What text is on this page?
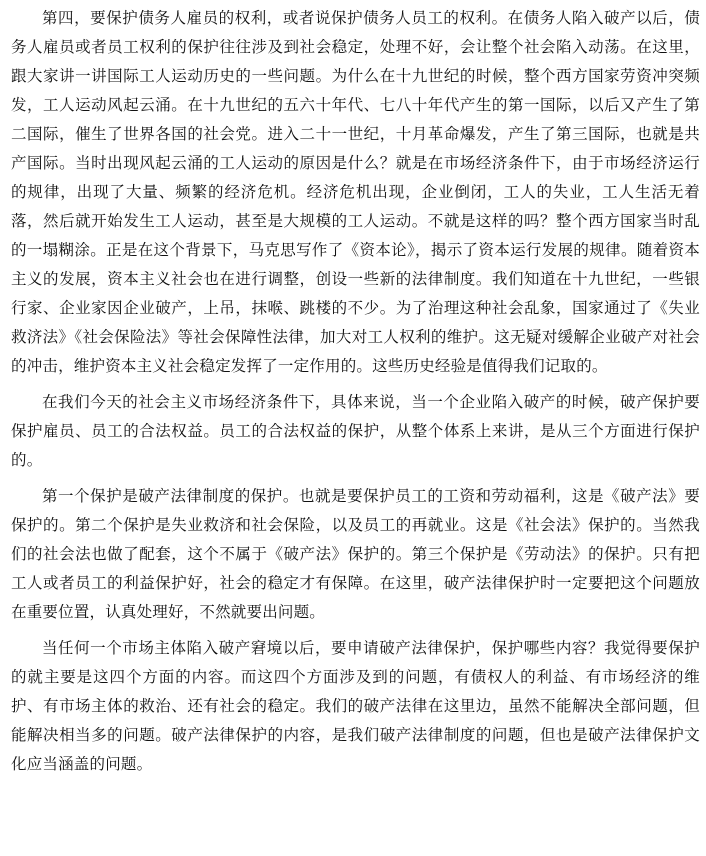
第四，要保护债务人雇员的权利，或者说保护债务人员工的权利。在债务人陷入破产以后，债务人雇员或者员工权利的保护往往涉及到社会稳定，处理不好，会让整个社会陷入动荡。在这里，跟大家讲一讲国际工人运动历史的一些问题。为什么在十九世纪的时候，整个西方国家劳资冲突频发，工人运动风起云涌。在十九世纪的五六十年代、七八十年代产生的第一国际，以后又产生了第二国际，催生了世界各国的社会党。进入二十一世纪，十月革命爆发，产生了第三国际，也就是共产国际。当时出现风起云涌的工人运动的原因是什么？就是在市场经济条件下，由于市场经济运行的规律，出现了大量、频繁的经济危机。经济危机出现，企业倒闭，工人的失业，工人生活无着落，然后就开始发生工人运动，甚至是大规模的工人运动。不就是这样的吗？整个西方国家当时乱的一塌糊涂。正是在这个背景下，马克思写作了《资本论》，揭示了资本运行发展的规律。随着资本主义的发展，资本主义社会也在进行调整，创设一些新的法律制度。我们知道在十九世纪，一些银行家、企业家因企业破产，上吊，抹喉、跳楼的不少。为了治理这种社会乱象，国家通过了《失业救济法》《社会保险法》等社会保障性法律，加大对工人权利的维护。这无疑对缓解企业破产对社会的冲击，维护资本主义社会稳定发挥了一定作用的。这些历史经验是值得我们记取的。

在我们今天的社会主义市场经济条件下，具体来说，当一个企业陷入破产的时候，破产保护要保护雇员、员工的合法权益。员工的合法权益的保护，从整个体系上来讲，是从三个方面进行保护的。

第一个保护是破产法律制度的保护。也就是要保护员工的工资和劳动福利，这是《破产法》要保护的。第二个保护是失业救济和社会保险，以及员工的再就业。这是《社会法》保护的。当然我们的社会法也做了配套，这个不属于《破产法》保护的。第三个保护是《劳动法》的保护。只有把工人或者员工的利益保护好，社会的稳定才有保障。在这里，破产法律保护时一定要把这个问题放在重要位置，认真处理好，不然就要出问题。

当任何一个市场主体陷入破产窘境以后，要申请破产法律保护，保护哪些内容？我觉得要保护的就主要是这四个方面的内容。而这四个方面涉及到的问题，有债权人的利益、有市场经济的维护、有市场主体的救治、还有社会的稳定。我们的破产法律在这里边，虽然不能解决全部问题，但能解决相当多的问题。破产法律保护的内容，是我们破产法律制度的问题，但也是破产法律保护文化应当涵盖的问题。
